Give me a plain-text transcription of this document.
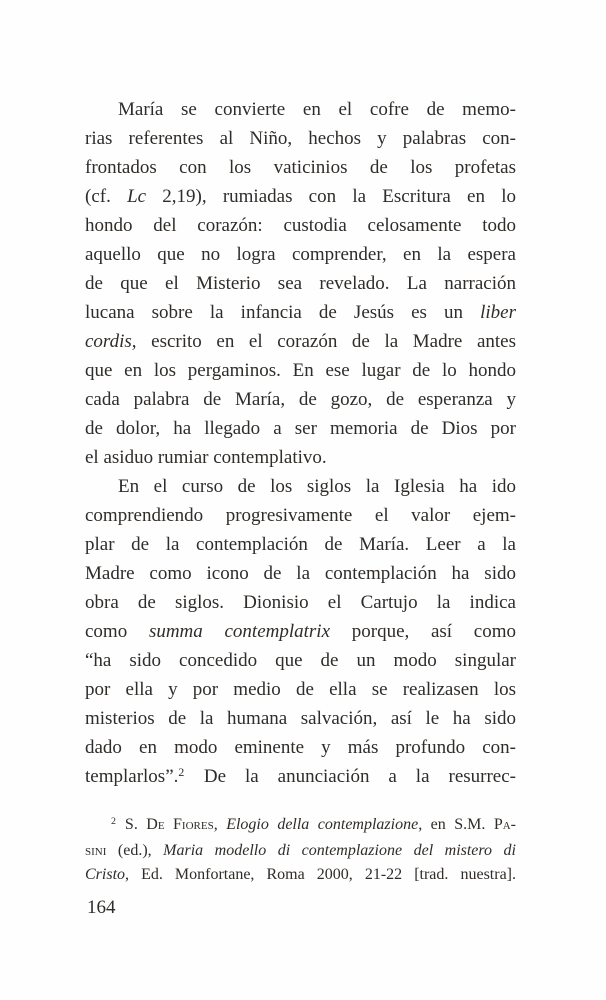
María se convierte en el cofre de memo-
rias referentes al Niño, hechos y palabras con-
frontados con los vaticinios de los profetas
(cf. Lc 2,19), rumiadas con la Escritura en lo
hondo del corazón: custodia celosamente todo
aquello que no logra comprender, en la espera
de que el Misterio sea revelado. La narración
lucana sobre la infancia de Jesús es un liber
cordis, escrito en el corazón de la Madre antes
que en los pergaminos. En ese lugar de lo hondo
cada palabra de María, de gozo, de esperanza y
de dolor, ha llegado a ser memoria de Dios por
el asiduo rumiar contemplativo.
En el curso de los siglos la Iglesia ha ido
comprendiendo progresivamente el valor ejem-
plar de la contemplación de María. Leer a la
Madre como icono de la contemplación ha sido
obra de siglos. Dionisio el Cartujo la indica
como summa contemplatrix porque, así como
“ha sido concedido que de un modo singular
por ella y por medio de ella se realizasen los
misterios de la humana salvación, así le ha sido
dado en modo eminente y más profundo con-
templarlos”.$^2$ De la anunciación a la resurrec-
$^2$ S. De Fiores, Elogio della contemplazione, en S.M. Pa-
sini (ed.), Maria modello di contemplazione del mistero di
Cristo, Ed. Monfortane, Roma 2000, 21-22 [trad. nuestra].
164
